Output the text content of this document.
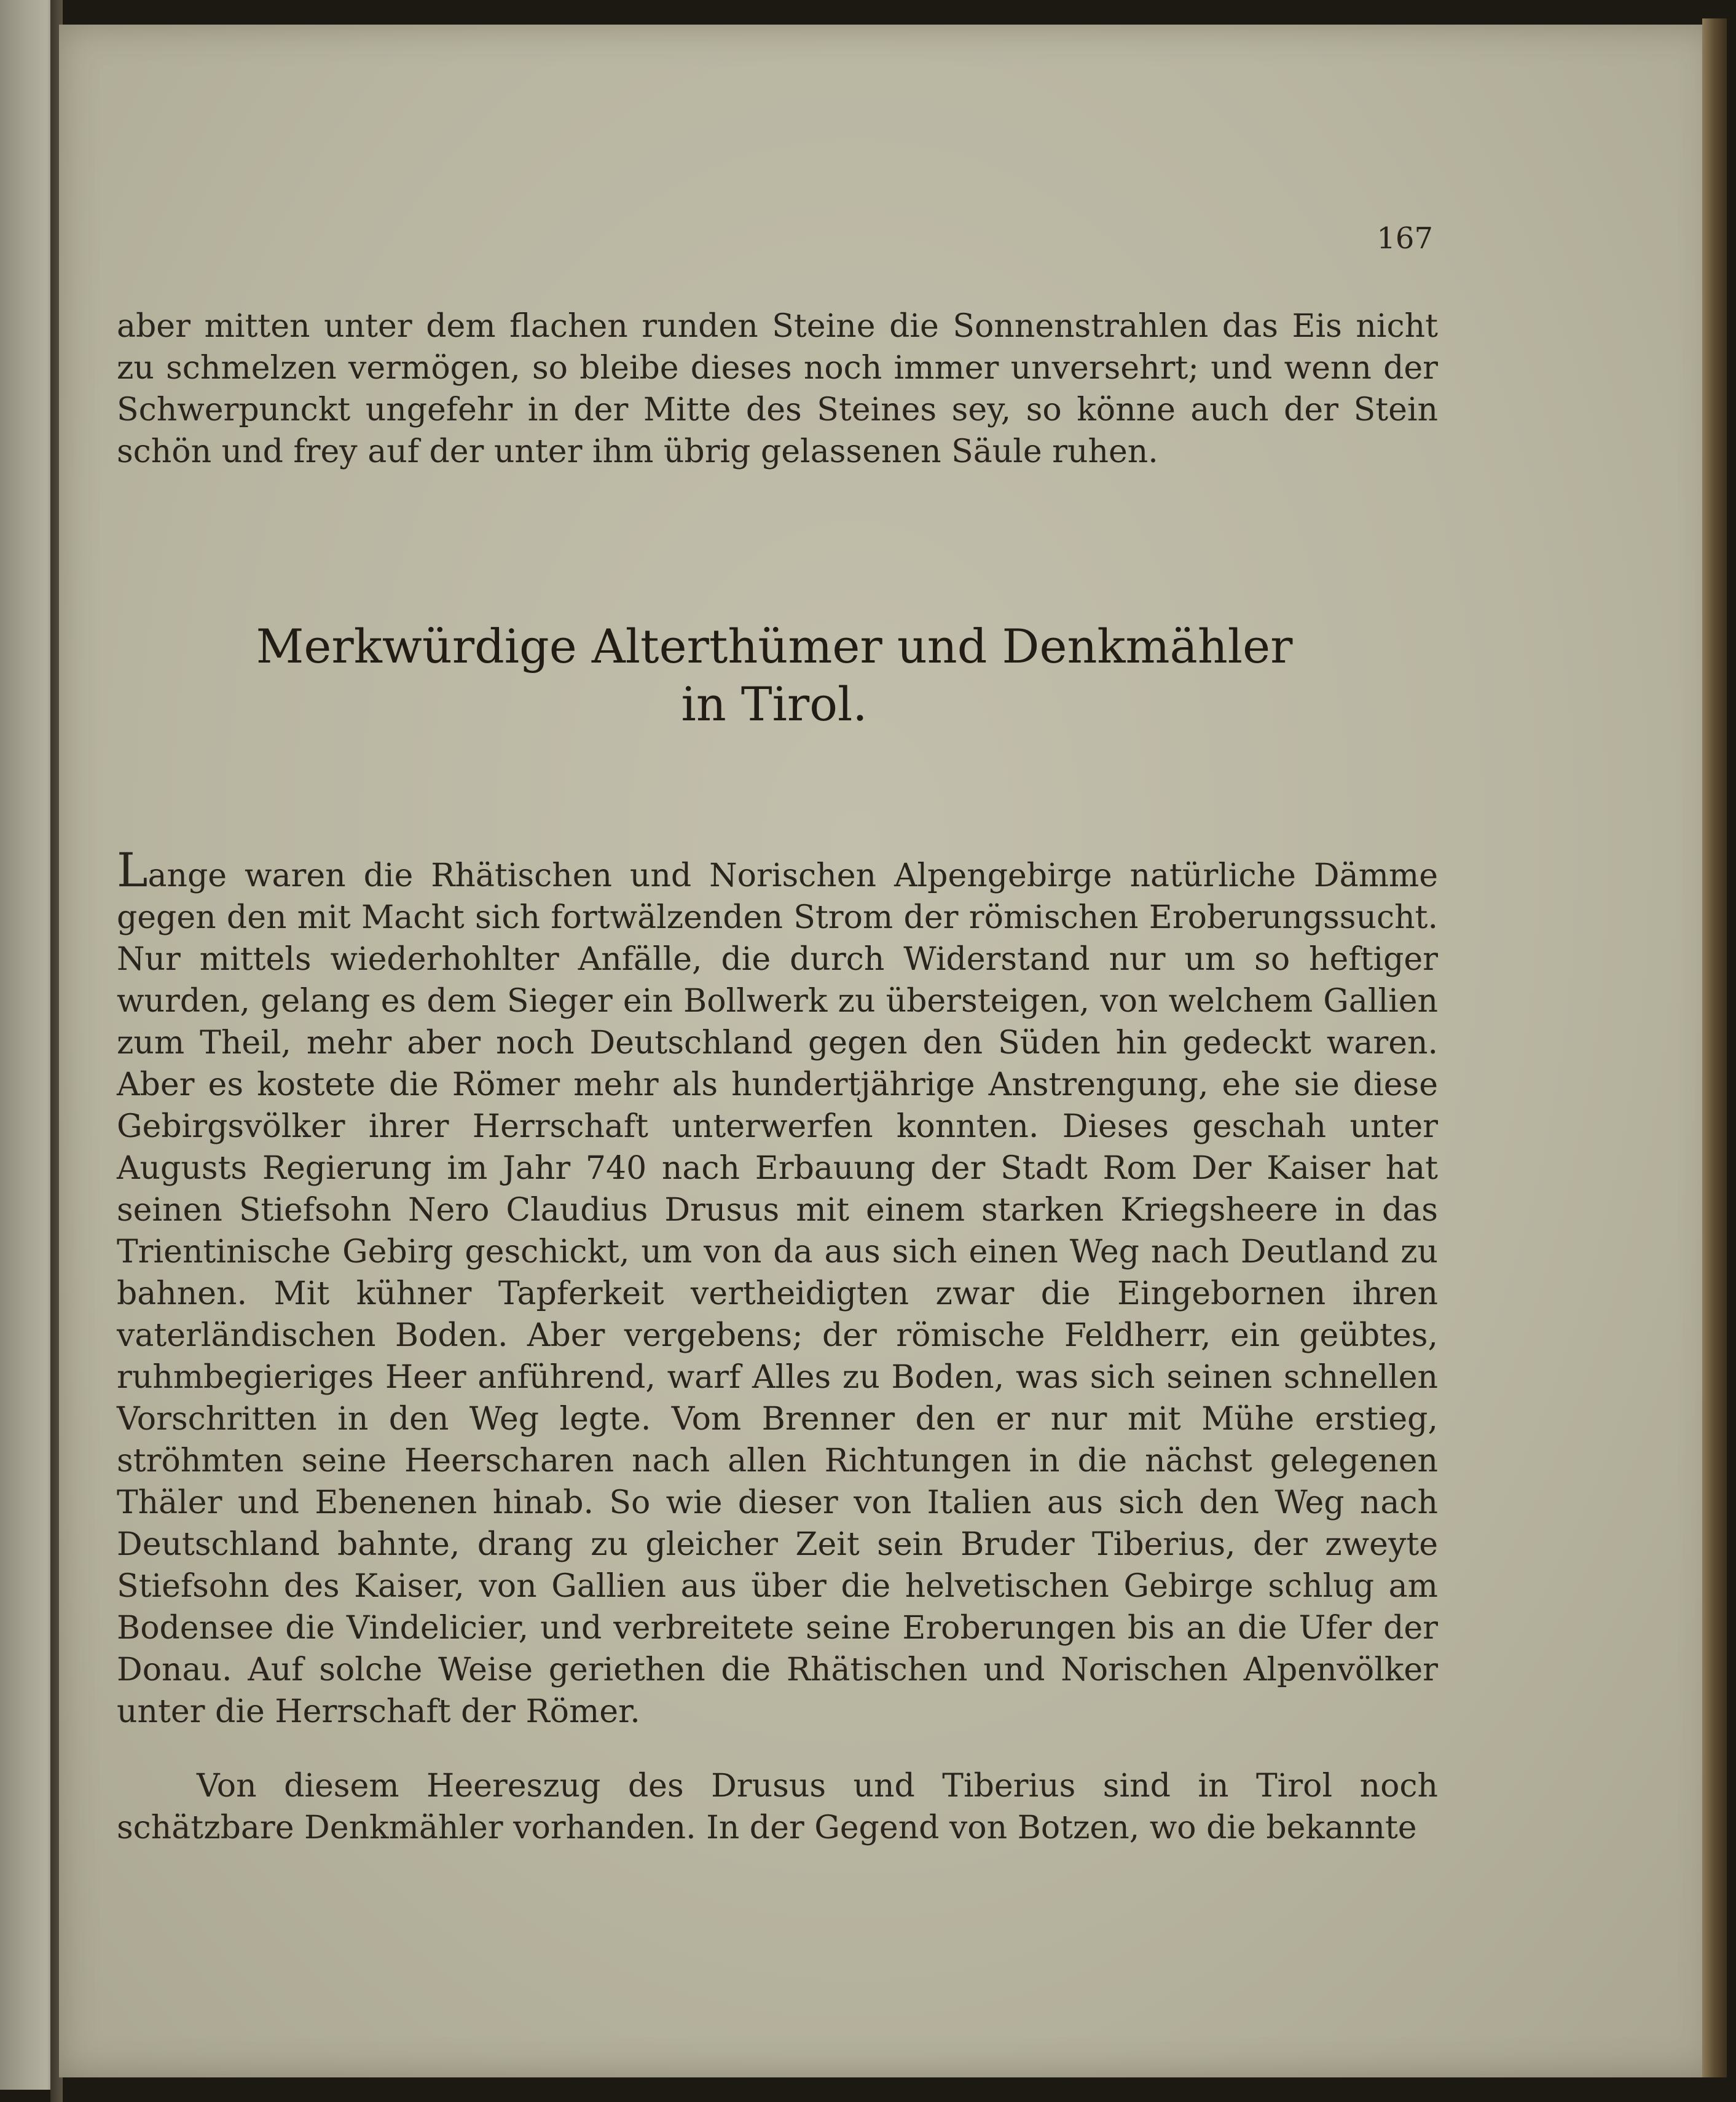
167

aber mitten unter dem flachen runden Steine die Sonnenstrahlen das Eis nicht zu schmelzen vermögen, so bleibe dieses noch immer unversehrt; und wenn der Schwerpunckt ungefehr in der Mitte des Steines sey, so könne auch der Stein schön und frey auf der unter ihm übrig gelassenen Säule ruhen.

Merkwürdige Alterthümer und Denkmähler
in Tirol.

Lange waren die Rhätischen und Norischen Alpengebirge natürliche Dämme gegen den mit Macht sich fortwälzenden Strom der römischen Eroberungssucht. Nur mittels wiederhohlter Anfälle, die durch Widerstand nur um so heftiger wurden, gelang es dem Sieger ein Bollwerk zu übersteigen, von welchem Gallien zum Theil, mehr aber noch Deutschland gegen den Süden hin gedeckt waren. Aber es kostete die Römer mehr als hundertjährige Anstrengung, ehe sie diese Gebirgsvölker ihrer Herrschaft unterwerfen konnten. Dieses geschah unter Augusts Regierung im Jahr 740 nach Erbauung der Stadt Rom Der Kaiser hat seinen Stiefsohn Nero Claudius Drusus mit einem starken Kriegsheere in das Trientinische Gebirg geschickt, um von da aus sich einen Weg nach Deutland zu bahnen. Mit kühner Tapferkeit vertheidigten zwar die Eingebornen ihren vaterländischen Boden. Aber vergebens; der römische Feldherr, ein geübtes, ruhmbegieriges Heer anführend, warf Alles zu Boden, was sich seinen schnellen Vorschritten in den Weg legte. Vom Brenner den er nur mit Mühe erstieg, ströhmten seine Heerscharen nach allen Richtungen in die nächst gelegenen Thäler und Ebenenen hinab. So wie dieser von Italien aus sich den Weg nach Deutschland bahnte, drang zu gleicher Zeit sein Bruder Tiberius, der zweyte Stiefsohn des Kaiser, von Gallien aus über die helvetischen Gebirge schlug am Bodensee die Vindelicier, und verbreitete seine Eroberungen bis an die Ufer der Donau. Auf solche Weise geriethen die Rhätischen und Norischen Alpenvölker unter die Herrschaft der Römer.

Von diesem Heereszug des Drusus und Tiberius sind in Tirol noch schätzbare Denkmähler vorhanden. In der Gegend von Botzen, wo die bekannte
